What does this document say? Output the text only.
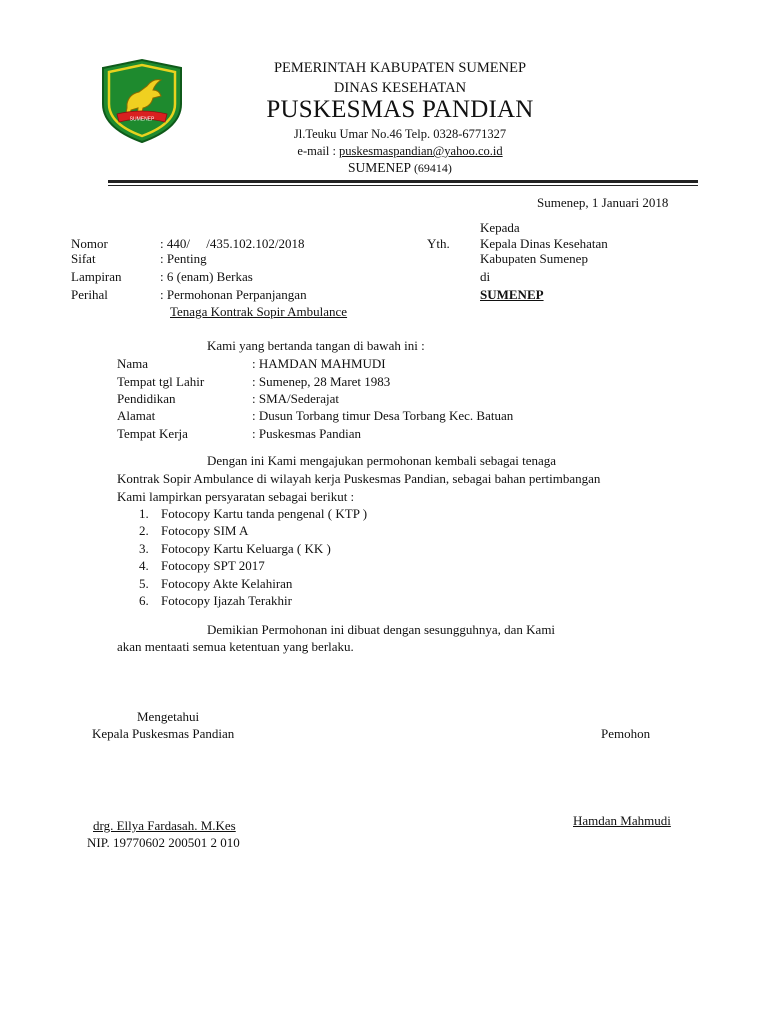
SUMENEP
PEMERINTAH KABUPATEN SUMENEP
DINAS KESEHATAN
PUSKESMAS PANDIAN
Jl.Teuku Umar No.46 Telp. 0328-6771327
e-mail : puskesmaspandian@yahoo.co.id
SUMENEP (69414)
Sumenep, 1 Januari 2018
Nomor	: 440/     /435.102.102/2018
Sifat	: Penting
Lampiran	: 6 (enam) Berkas
Perihal	: Permohonan Perpanjangan
Tenaga Kontrak Sopir Ambulance
Kepada
Yth. Kepala Dinas Kesehatan
Kabupaten Sumenep
di
SUMENEP
Kami yang bertanda tangan di bawah ini :
Nama	: HAMDAN MAHMUDI
Tempat tgl Lahir	: Sumenep, 28 Maret 1983
Pendidikan	: SMA/Sederajat
Alamat	: Dusun Torbang timur Desa Torbang Kec. Batuan
Tempat Kerja	: Puskesmas Pandian
Dengan ini Kami mengajukan permohonan kembali sebagai tenaga
Kontrak Sopir Ambulance di wilayah kerja Puskesmas Pandian, sebagai bahan pertimbangan
Kami lampirkan persyaratan sebagai berikut :
1. Fotocopy Kartu tanda pengenal ( KTP )
2. Fotocopy SIM A
3. Fotocopy Kartu Keluarga ( KK )
4. Fotocopy SPT 2017
5. Fotocopy Akte Kelahiran
6. Fotocopy Ijazah Terakhir
Demikian Permohonan ini dibuat dengan sesungguhnya, dan Kami
akan mentaati semua ketentuan yang berlaku.
Mengetahui
Kepala Puskesmas Pandian	Pemohon
Hamdan Mahmudi
drg. Ellya Fardasah. M.Kes
NIP. 19770602 200501 2 010
